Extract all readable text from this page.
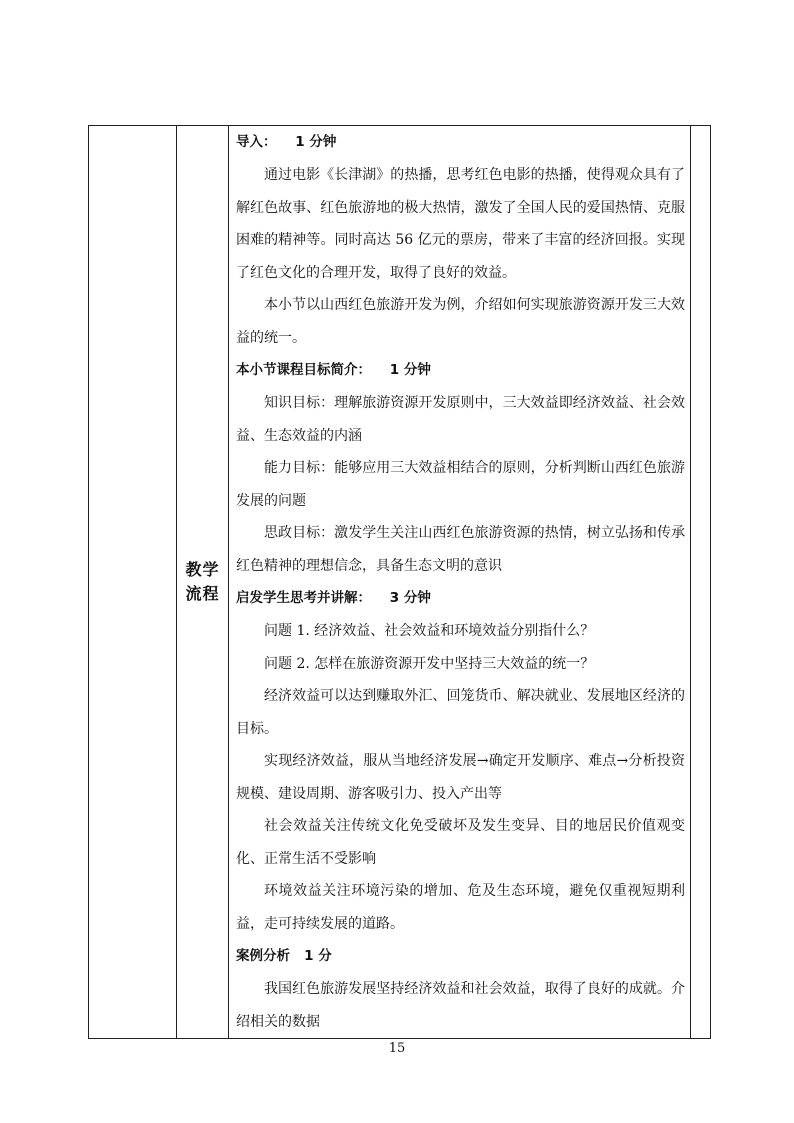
	教学流程	
导入：    1 分钟
通过电影《长津湖》的热播，思考红色电影的热播，使得观众具有了解红色故事、红色旅游地的极大热情，激发了全国人民的爱国热情、克服困难的精神等。同时高达 56 亿元的票房，带来了丰富的经济回报。实现了红色文化的合理开发，取得了良好的效益。
本小节以山西红色旅游开发为例，介绍如何实现旅游资源开发三大效益的统一。
本小节课程目标简介：    1 分钟
知识目标：理解旅游资源开发原则中，三大效益即经济效益、社会效益、生态效益的内涵
能力目标：能够应用三大效益相结合的原则，分析判断山西红色旅游发展的问题
思政目标：激发学生关注山西红色旅游资源的热情，树立弘扬和传承红色精神的理想信念，具备生态文明的意识
启发学生思考并讲解：    3 分钟
问题 1. 经济效益、社会效益和环境效益分别指什么？
问题 2. 怎样在旅游资源开发中坚持三大效益的统一？
经济效益可以达到赚取外汇、回笼货币、解决就业、发展地区经济的目标。
实现经济效益，服从当地经济发展→确定开发顺序、难点→分析投资规模、建设周期、游客吸引力、投入产出等
社会效益关注传统文化免受破坏及发生变异、目的地居民价值观变化、正常生活不受影响
环境效益关注环境污染的增加、危及生态环境，避免仅重视短期利益，走可持续发展的道路。
案例分析   1 分
我国红色旅游发展坚持经济效益和社会效益，取得了良好的成就。介绍相关的数据

15
